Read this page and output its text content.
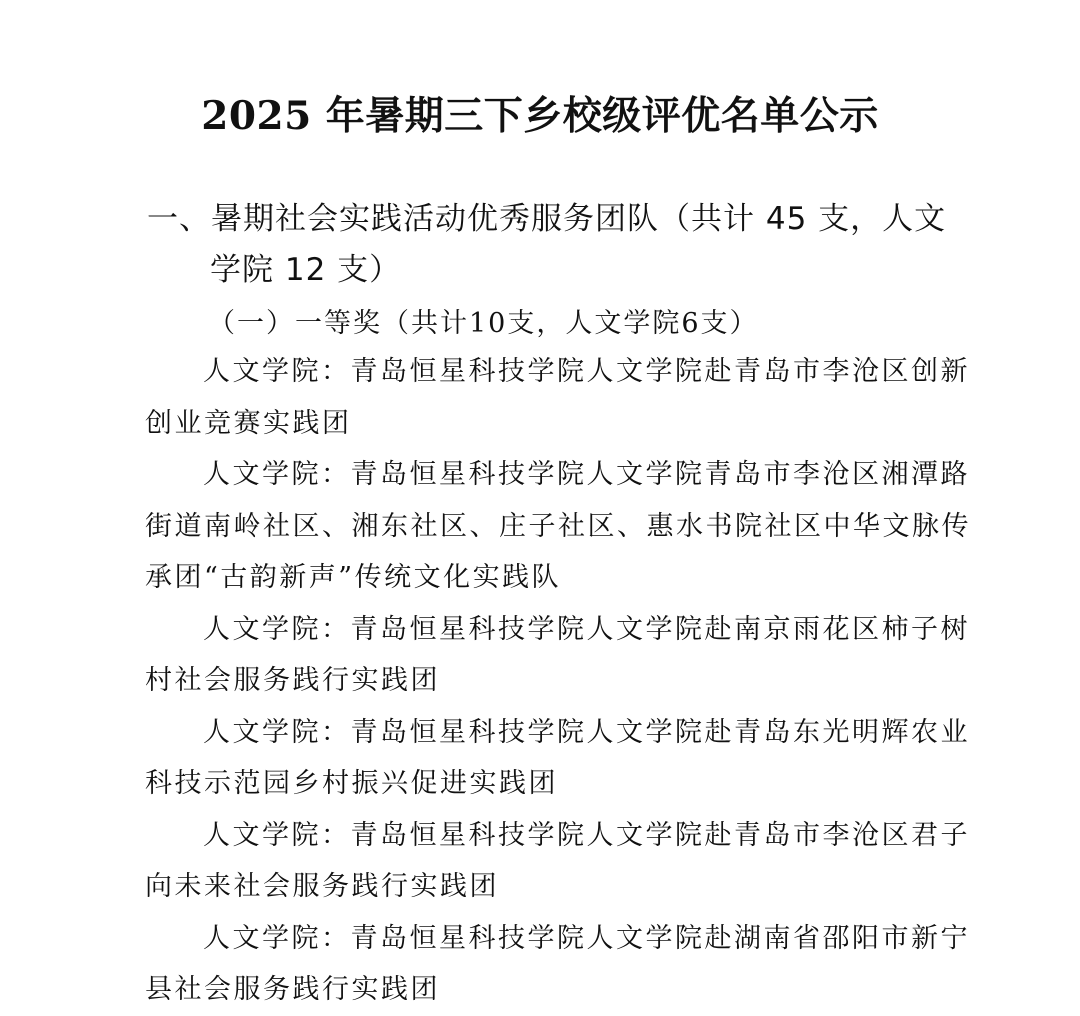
2025 年暑期三下乡校级评优名单公示
一、暑期社会实践活动优秀服务团队（共计 45 支，人文
学院 12 支）

（一）一等奖（共计10支，人文学院6支）

人文学院：青岛恒星科技学院人文学院赴青岛市李沧区创新
创业竞赛实践团
人文学院：青岛恒星科技学院人文学院青岛市李沧区湘潭路
街道南岭社区、湘东社区、庄子社区、惠水书院社区中华文脉传
承团“古韵新声”传统文化实践队
人文学院：青岛恒星科技学院人文学院赴南京雨花区柿子树
村社会服务践行实践团
人文学院：青岛恒星科技学院人文学院赴青岛东光明辉农业
科技示范园乡村振兴促进实践团
人文学院：青岛恒星科技学院人文学院赴青岛市李沧区君子
向未来社会服务践行实践团
人文学院：青岛恒星科技学院人文学院赴湖南省邵阳市新宁
县社会服务践行实践团
